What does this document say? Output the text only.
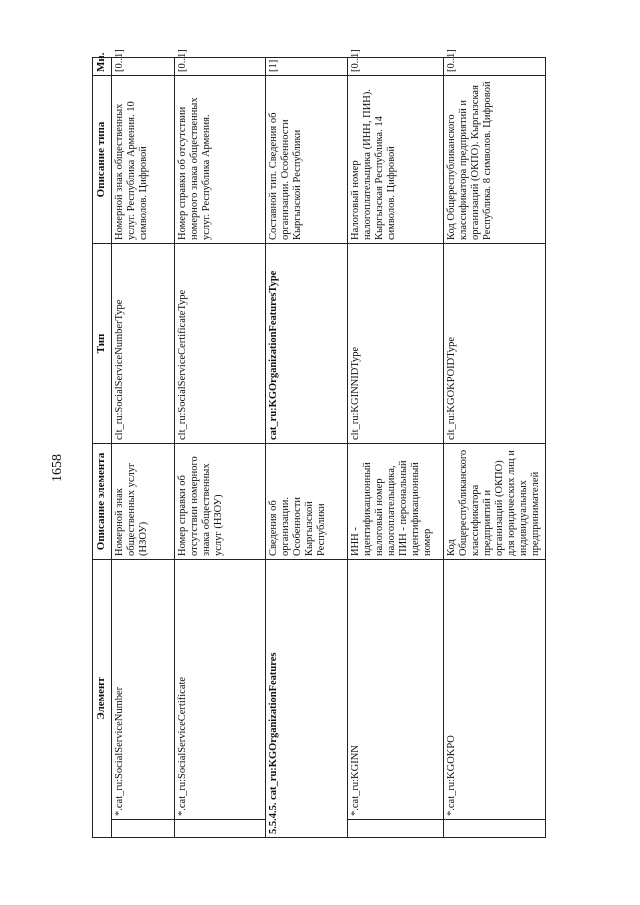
1658
Элемент		Описание элемента	Тип	Описание типа	Мн.
	*.cat_ru:SocialServiceNumber	Номерной знак общественных услуг (НЗОУ)	clt_ru:SocialServiceNumberType	Номерной знак общественных услуг. Республика Армения. 10 символов. Цифровой	[0..1]
	*.cat_ru:SocialServiceCertificate	Номер справки об отсутствии номерного знака общественных услуг (НЗОУ)	clt_ru:SocialServiceCertificateType	Номер справки об отсутствии номерного знака общественных услуг. Республика Армения.	[0..1]
5.5.4.5. cat_ru:KGOrganizationFeatures		Сведения об организации. Особенности Кыргызской Республики	cat_ru:KGOrganizationFeaturesType	Составной тип. Сведения об организации. Особенности Кыргызской Республики	[1]
	*.cat_ru:KGINN	ИНН - идентификационный налоговый номер налогоплательщика, ПИН - персональный идентификационный номер	clt_ru:KGINNIDType	Налоговый номер налогоплательщика (ИНН, ПИН). Кыргызская Республика. 14 символов. Цифровой	[0..1]
	*.cat_ru:KGOKPO	Код Общереспубликанского классификатора предприятий и организаций (ОКПО) для юридических лиц и индивидуальных предпринимателей	clt_ru:KGOKPOIDType	Код Общереспубликанского классификатора предприятий и организаций (ОКПО). Кыргызская Республика. 8 символов. Цифровой	[0..1]
